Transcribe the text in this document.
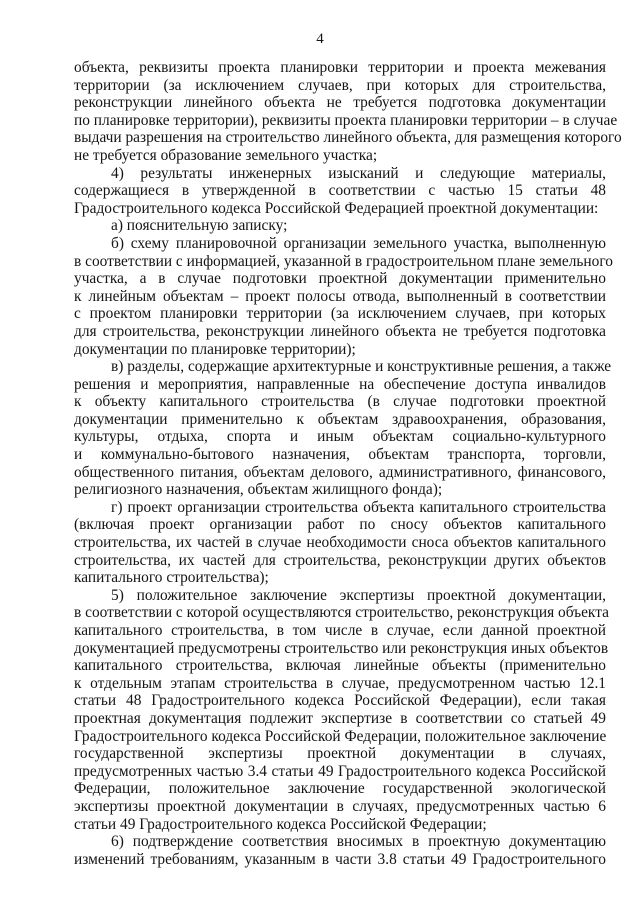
4
объекта, реквизиты проекта планировки территории и проекта межевания
территории (за исключением случаев, при которых для строительства,
реконструкции линейного объекта не требуется подготовка документации
по планировке территории), реквизиты проекта планировки территории – в случае
выдачи разрешения на строительство линейного объекта, для размещения которого
не требуется образование земельного участка;
4) результаты инженерных изысканий и следующие материалы,
содержащиеся в утвержденной в соответствии с частью 15 статьи 48
Градостроительного кодекса Российской Федерацией проектной документации:
а) пояснительную записку;
б) схему планировочной организации земельного участка, выполненную
в соответствии с информацией, указанной в градостроительном плане земельного
участка, а в случае подготовки проектной документации применительно
к линейным объектам – проект полосы отвода, выполненный в соответствии
с проектом планировки территории (за исключением случаев, при которых
для строительства, реконструкции линейного объекта не требуется подготовка
документации по планировке территории);
в) разделы, содержащие архитектурные и конструктивные решения, а также
решения и мероприятия, направленные на обеспечение доступа инвалидов
к объекту капитального строительства (в случае подготовки проектной
документации применительно к объектам здравоохранения, образования,
культуры, отдыха, спорта и иным объектам социально-культурного
и коммунально-бытового назначения, объектам транспорта, торговли,
общественного питания, объектам делового, административного, финансового,
религиозного назначения, объектам жилищного фонда);
г) проект организации строительства объекта капитального строительства
(включая проект организации работ по сносу объектов капитального
строительства, их частей в случае необходимости сноса объектов капитального
строительства, их частей для строительства, реконструкции других объектов
капитального строительства);
5) положительное заключение экспертизы проектной документации,
в соответствии с которой осуществляются строительство, реконструкция объекта
капитального строительства, в том числе в случае, если данной проектной
документацией предусмотрены строительство или реконструкция иных объектов
капитального строительства, включая линейные объекты (применительно
к отдельным этапам строительства в случае, предусмотренном частью 12.1
статьи 48 Градостроительного кодекса Российской Федерации), если такая
проектная документация подлежит экспертизе в соответствии со статьей 49
Градостроительного кодекса Российской Федерации, положительное заключение
государственной экспертизы проектной документации в случаях,
предусмотренных частью 3.4 статьи 49 Градостроительного кодекса Российской
Федерации, положительное заключение государственной экологической
экспертизы проектной документации в случаях, предусмотренных частью 6
статьи 49 Градостроительного кодекса Российской Федерации;
6) подтверждение соответствия вносимых в проектную документацию
изменений требованиям, указанным в части 3.8 статьи 49 Градостроительного
